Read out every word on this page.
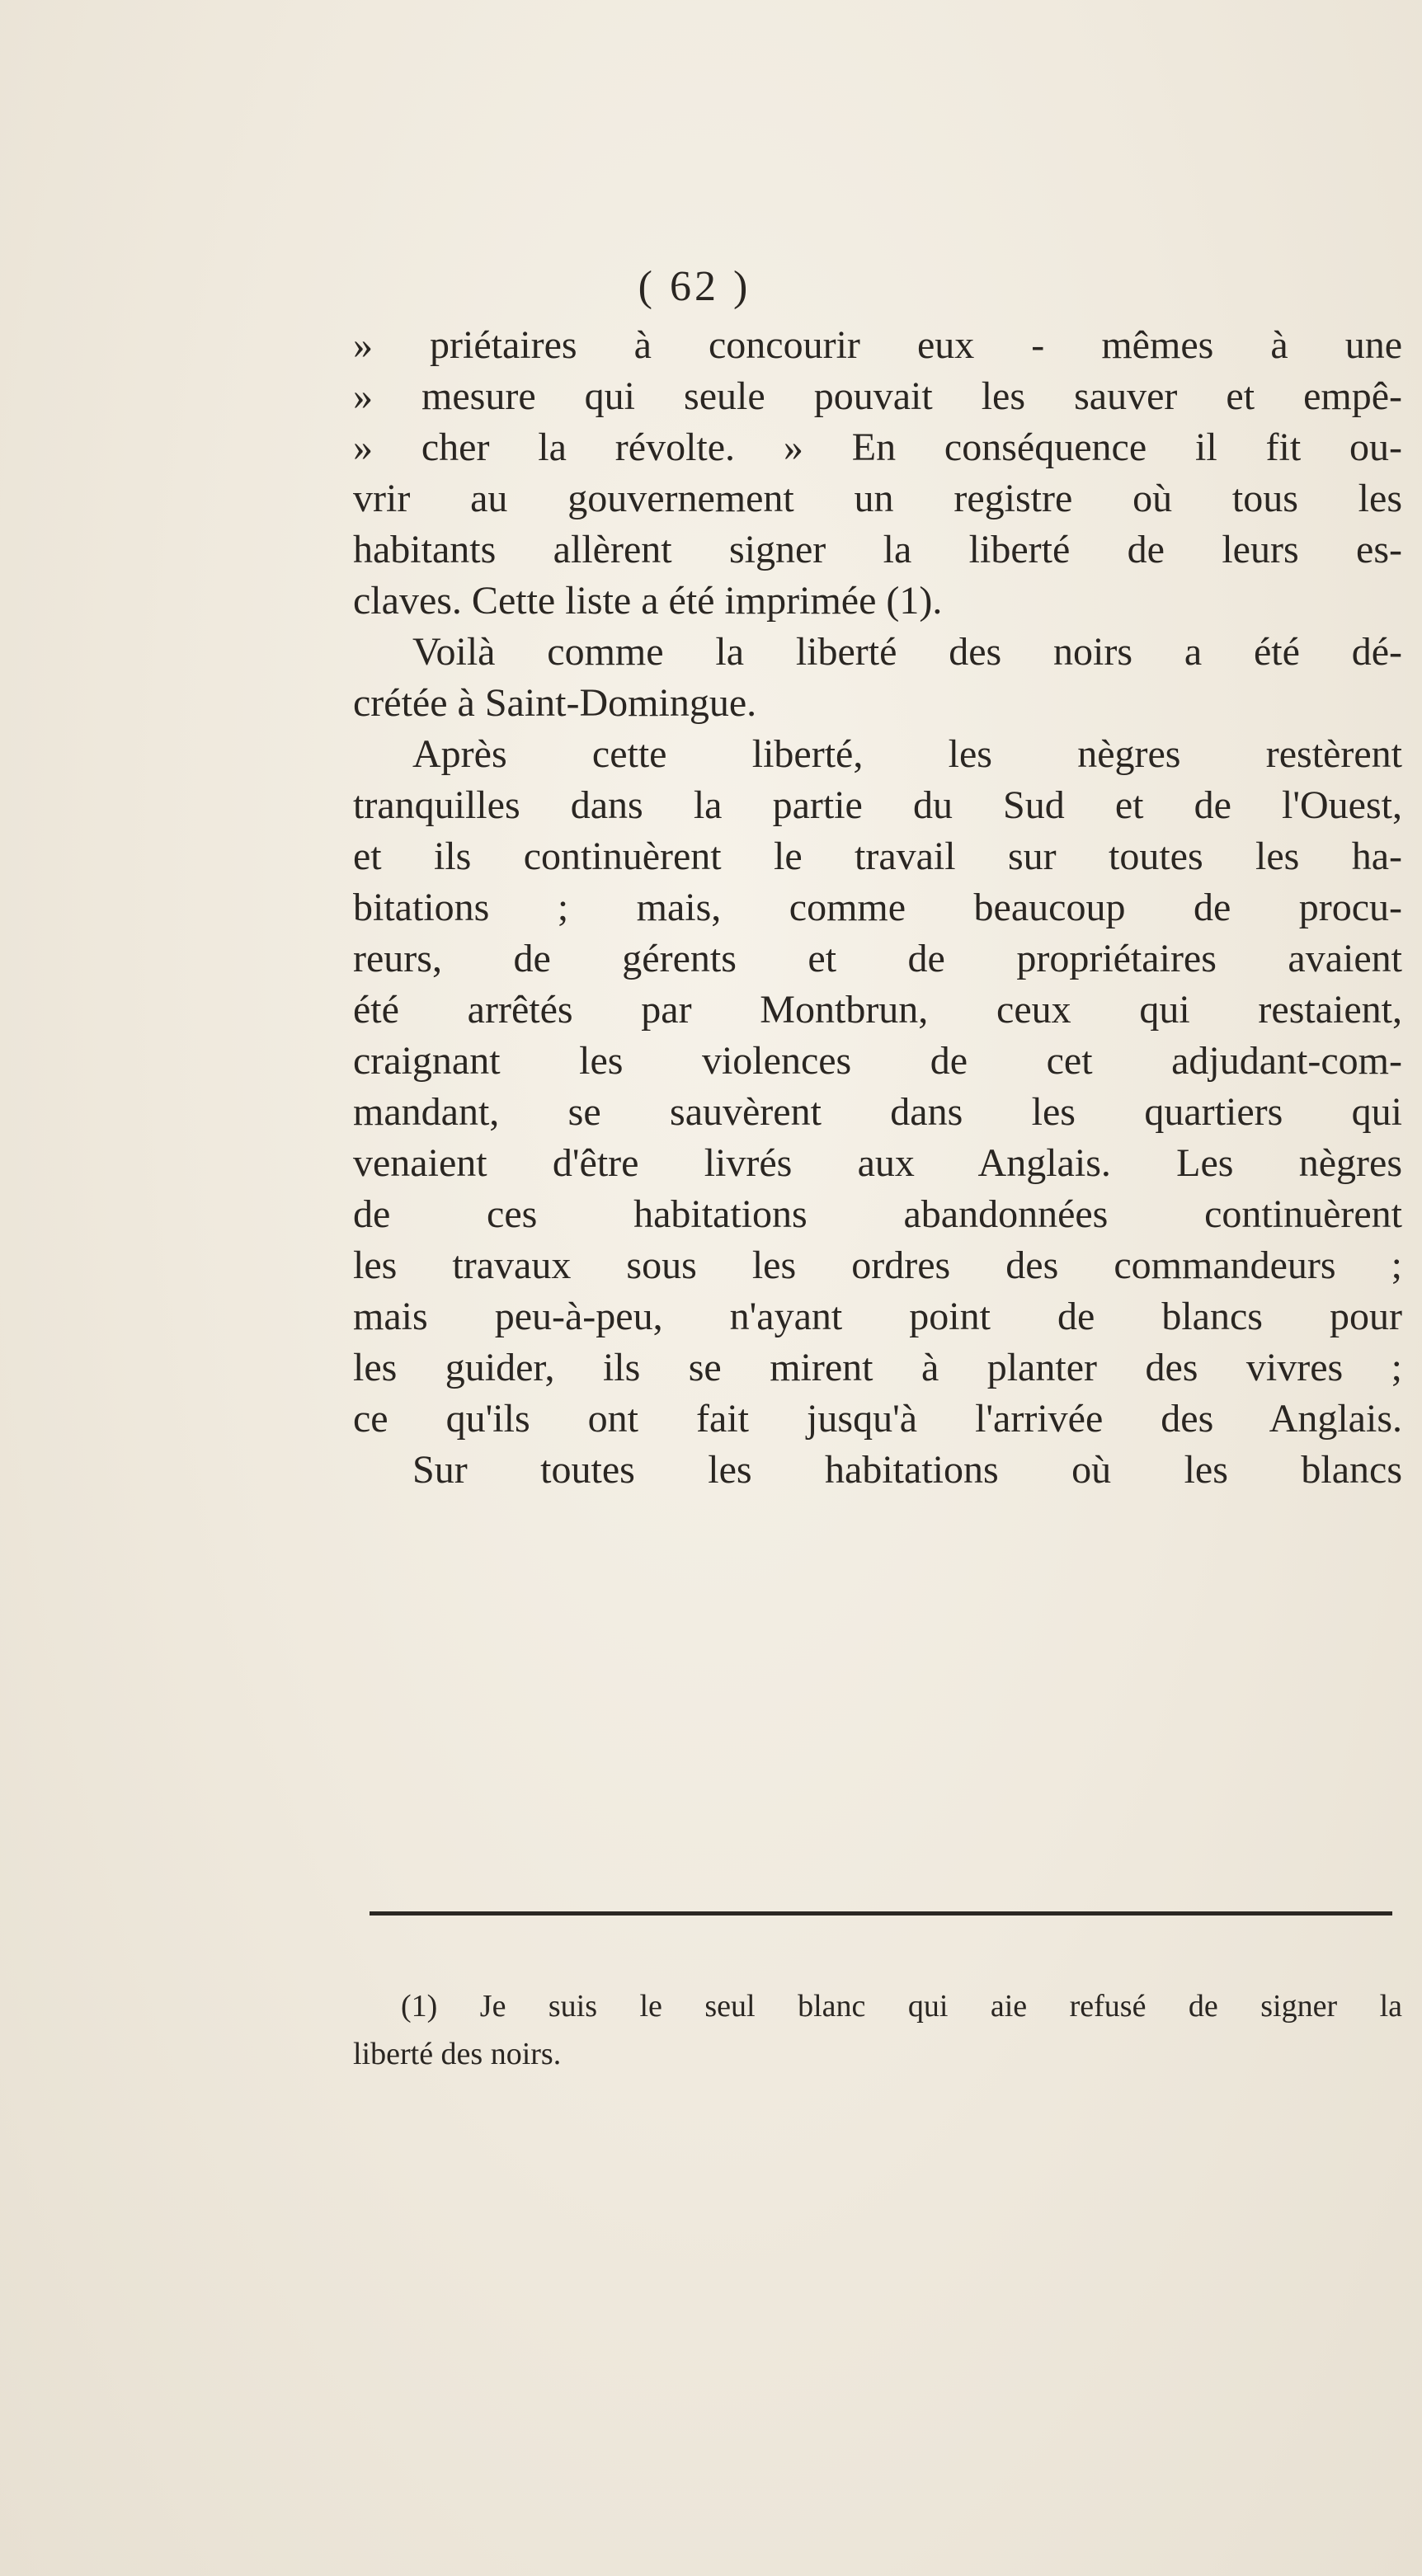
( 62 )
» priétaires à concourir eux - mêmes à une
» mesure qui seule pouvait les sauver et empê-
» cher la révolte. » En conséquence il fit ou-
vrir au gouvernement un registre où tous les
habitants allèrent signer la liberté de leurs es-
claves. Cette liste a été imprimée (1).
Voilà comme la liberté des noirs a été dé-
crétée à Saint-Domingue.
Après cette liberté, les nègres restèrent
tranquilles dans la partie du Sud et de l'Ouest,
et ils continuèrent le travail sur toutes les ha-
bitations ; mais, comme beaucoup de procu-
reurs, de gérents et de propriétaires avaient
été arrêtés par Montbrun, ceux qui restaient,
craignant les violences de cet adjudant-com-
mandant, se sauvèrent dans les quartiers qui
venaient d'être livrés aux Anglais. Les nègres
de ces habitations abandonnées continuèrent
les travaux sous les ordres des commandeurs ;
mais peu-à-peu, n'ayant point de blancs pour
les guider, ils se mirent à planter des vivres ;
ce qu'ils ont fait jusqu'à l'arrivée des Anglais.
Sur toutes les habitations où les blancs
(1) Je suis le seul blanc qui aie refusé de signer la
liberté des noirs.
